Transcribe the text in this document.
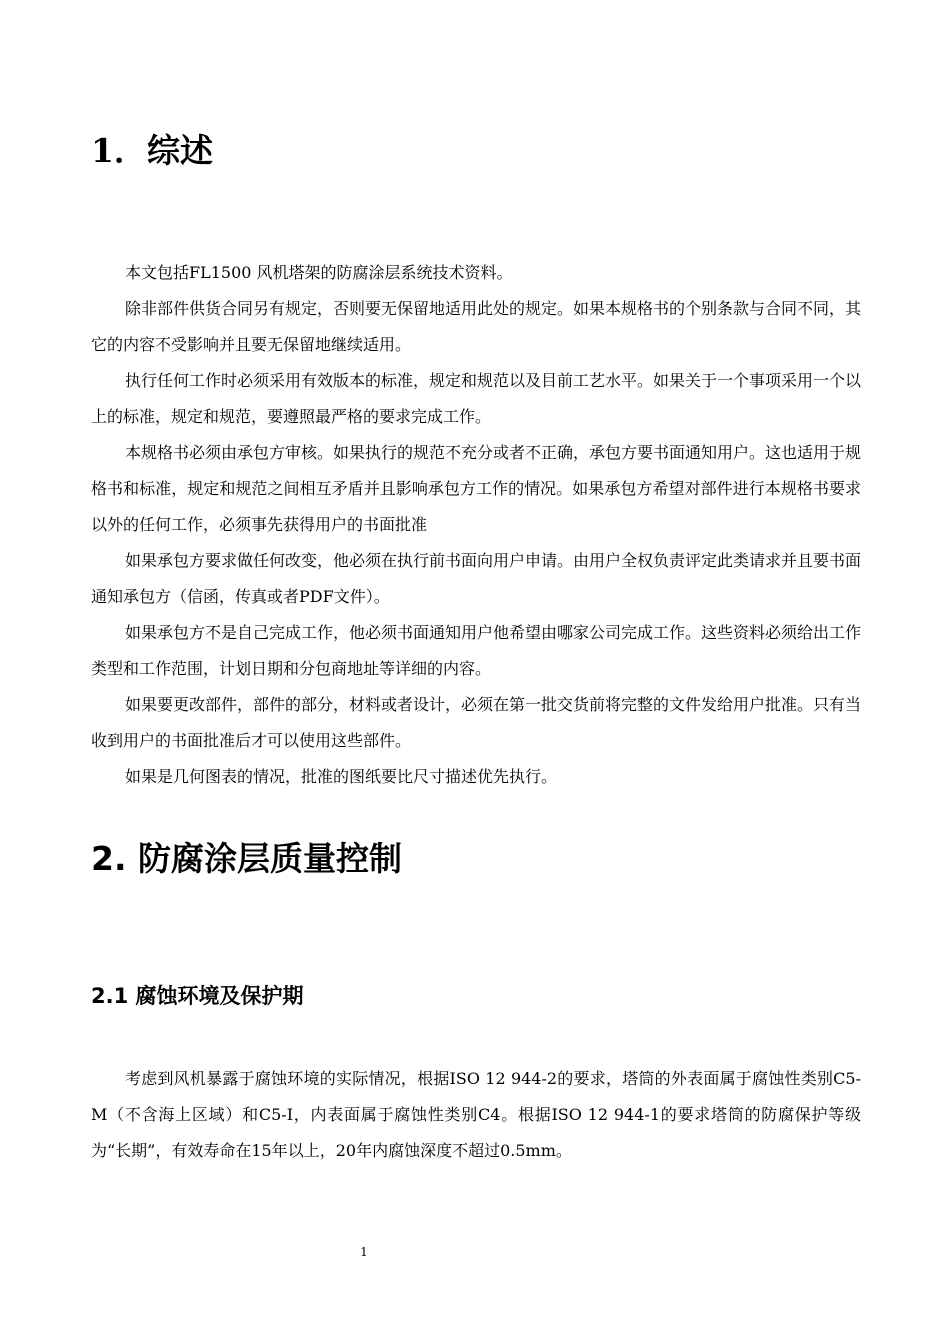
1．综述

本文包括FL1500 风机塔架的防腐涂层系统技术资料。

除非部件供货合同另有规定，否则要无保留地适用此处的规定。如果本规格书的个别条款与合同不同，其它的内容不受影响并且要无保留地继续适用。

执行任何工作时必须采用有效版本的标准，规定和规范以及目前工艺水平。如果关于一个事项采用一个以上的标准，规定和规范，要遵照最严格的要求完成工作。

本规格书必须由承包方审核。如果执行的规范不充分或者不正确，承包方要书面通知用户。这也适用于规格书和标准，规定和规范之间相互矛盾并且影响承包方工作的情况。如果承包方希望对部件进行本规格书要求以外的任何工作，必须事先获得用户的书面批准

如果承包方要求做任何改变，他必须在执行前书面向用户申请。由用户全权负责评定此类请求并且要书面通知承包方（信函，传真或者PDF文件）。

如果承包方不是自己完成工作，他必须书面通知用户他希望由哪家公司完成工作。这些资料必须给出工作类型和工作范围，计划日期和分包商地址等详细的内容。

如果要更改部件，部件的部分，材料或者设计，必须在第一批交货前将完整的文件发给用户批准。只有当收到用户的书面批准后才可以使用这些部件。

如果是几何图表的情况，批准的图纸要比尺寸描述优先执行。

2. 防腐涂层质量控制
2.1 腐蚀环境及保护期

考虑到风机暴露于腐蚀环境的实际情况，根据ISO 12 944-2的要求，塔筒的外表面属于腐蚀性类别C5-M（不含海上区域）和C5-I，内表面属于腐蚀性类别C4。根据ISO 12 944-1的要求塔筒的防腐保护等级为“长期”，有效寿命在15年以上，20年内腐蚀深度不超过0.5mm。

1
